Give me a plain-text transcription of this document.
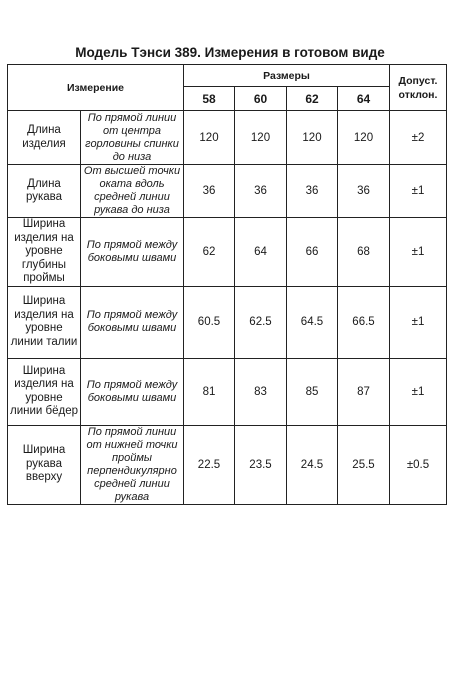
Модель Тэнси 389. Измерения в готовом виде
Измерение		Размеры				Допуст. отклон.
		58	60	62	64	
Длина изделия	По прямой линии от центра горловины спинки до низа	120	120	120	120	±2
Длина рукава	От высшей точки оката вдоль средней линии рукава до низа	36	36	36	36	±1
Ширина изделия на уровне глубины проймы	По прямой между боковыми швами	62	64	66	68	±1
Ширина изделия на уровне линии талии	По прямой между боковыми швами	60.5	62.5	64.5	66.5	±1
Ширина изделия на уровне линии бёдер	По прямой между боковыми швами	81	83	85	87	±1
Ширина рукава вверху	По прямой линии от нижней точки проймы перпендикулярно средней линии рукава	22.5	23.5	24.5	25.5	±0.5
